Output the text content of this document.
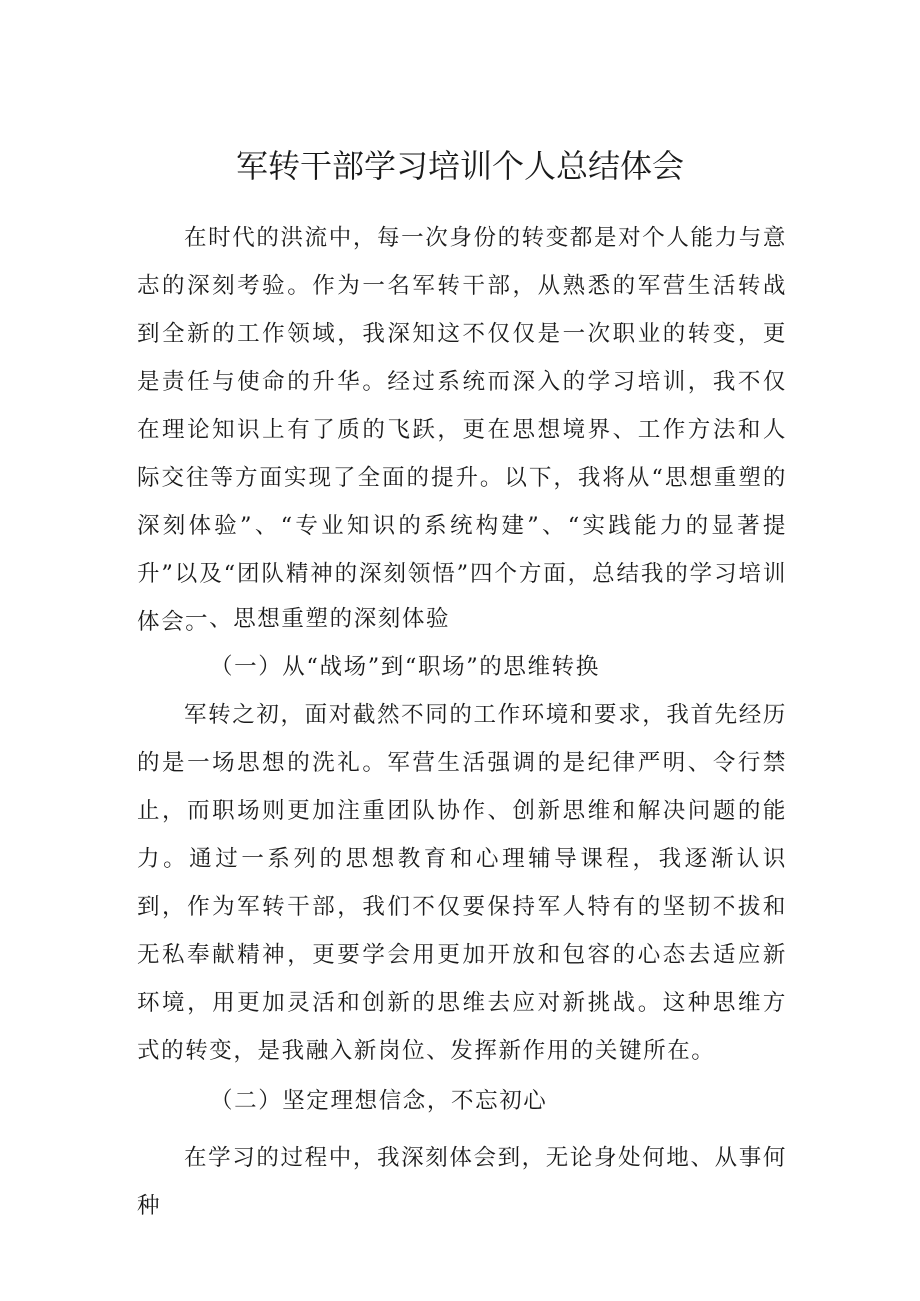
军转干部学习培训个人总结体会

在时代的洪流中，每一次身份的转变都是对个人能力与意志的深刻考验。作为一名军转干部，从熟悉的军营生活转战到全新的工作领域，我深知这不仅仅是一次职业的转变，更是责任与使命的升华。经过系统而深入的学习培训，我不仅在理论知识上有了质的飞跃，更在思想境界、工作方法和人际交往等方面实现了全面的提升。以下，我将从“思想重塑的深刻体验”、“专业知识的系统构建”、“实践能力的显著提升”以及“团队精神的深刻领悟”四个方面，总结我的学习培训体会。

一、思想重塑的深刻体验

（一）从“战场”到“职场”的思维转换

军转之初，面对截然不同的工作环境和要求，我首先经历的是一场思想的洗礼。军营生活强调的是纪律严明、令行禁止，而职场则更加注重团队协作、创新思维和解决问题的能力。通过一系列的思想教育和心理辅导课程，我逐渐认识到，作为军转干部，我们不仅要保持军人特有的坚韧不拔和无私奉献精神，更要学会用更加开放和包容的心态去适应新环境，用更加灵活和创新的思维去应对新挑战。这种思维方式的转变，是我融入新岗位、发挥新作用的关键所在。

（二）坚定理想信念，不忘初心

在学习的过程中，我深刻体会到，无论身处何地、从事何种
